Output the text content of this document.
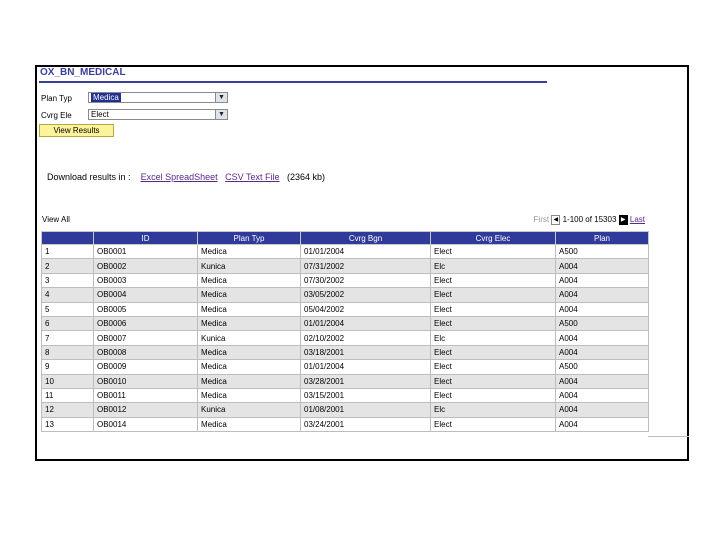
OX_BN_MEDICAL
Plan Typ	Medica	▼
Cvrg Ele	Elect	▼
View Results
Download results in : Excel SpreadSheet CSV Text File (2364 kb)
View All	First ◀ 1-100 of 15303 ▶ Last
	ID	Plan Typ	Cvrg Bgn	Cvrg Elec	Plan
1	OB0001	Medica	01/01/2004	Elect	A500
2	OB0002	Kunica	07/31/2002	Elc	A004
3	OB0003	Medica	07/30/2002	Elect	A004
4	OB0004	Medica	03/05/2002	Elect	A004
5	OB0005	Medica	05/04/2002	Elect	A004
6	OB0006	Medica	01/01/2004	Elect	A500
7	OB0007	Kunica	02/10/2002	Elc	A004
8	OB0008	Medica	03/18/2001	Elect	A004
9	OB0009	Medica	01/01/2004	Elect	A500
10	OB0010	Medica	03/28/2001	Elect	A004
11	OB0011	Medica	03/15/2001	Elect	A004
12	OB0012	Kunica	01/08/2001	Elc	A004
13	OB0014	Medica	03/24/2001	Elect	A004
